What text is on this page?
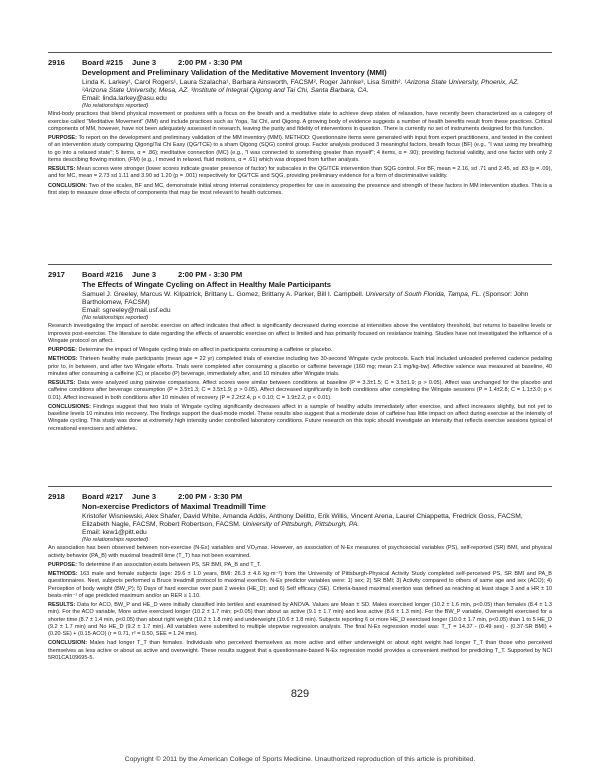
2916	Board #215	June 3	2:00 PM - 3:30 PM
Development and Preliminary Validation of the Meditative Movement Inventory (MMI)
Linda K. Larkey¹, Carol Rogers¹, Laura Szalacha¹, Barbara Ainsworth, FACSM², Roger Jahnke³, Lisa Smith². ¹Arizona State University, Phoenix, AZ. ²Arizona State University, Mesa, AZ. ³Institute of Integral Qigong and Tai Chi, Santa Barbara, CA.
Email: linda.larkey@asu.edu
(No relationships reported)
Mind-body practices that blend physical movement or postures with a focus on the breath and a meditative state to achieve deep states of relaxation, have recently been characterized as a category of exercise called "Meditative Movement" (MM) and include practices such as Yoga, Tai Chi, and Qigong. A growing body of evidence suggests a number of health benefits result from these practices. Critical components of MM, however, have not been adequately assessed in research, leaving the purity and fidelity of interventions in question. There is currently no set of instruments designed for this function.
PURPOSE: To report on the development and preliminary validation of the MM inventory (MMI). METHOD: Questionnaire items were generated with input from expert practitioners, and tested in the context of an intervention study comparing Qigong/Tai Chi Easy (QG/TCE) to a sham Qigong (SQG) control group. Factor analysis produced 3 meaningful factors, breath focus (BF) (e.g., "I was using my breathing to go into a relaxed state"; 5 items, α = .86); meditative connection (MC) (e.g., "I was connected to something greater than myself"; 4 items, α = .90); providing factorial validity, and one factor with only 2 items describing flowing motion, (FM) (e.g., I moved in relaxed, fluid motions, α = .61) which was dropped from further analysis.
RESULTS: Mean scores were stronger (lower scores indicate greater presence of factor) for subscales in the QG/TCE intervention than SQG control. For BF, mean = 2.16, sd .71 and 2.45, sd .83 (p = .09), and for MC, mean = 2.73 sd 1.11 and 3.90 sd 1.20 (p = .001) respectively for QG/TCE and SQG, providing preliminary evidence for a form of discriminative validity.
CONCLUSION: Two of the scales, BF and MC, demonstrate initial strong internal consistency properties for use in assessing the presence and strength of these factors in MM intervention studies. This is a first step to measure dose effects of components that may be most relevant to health outcomes.
2917	Board #216	June 3	2:00 PM - 3:30 PM
The Effects of Wingate Cycling on Affect in Healthy Male Participants
Samuel J. Greeley, Marcus W. Kilpatrick, Brittany L. Gomez, Brittany A. Parker, Bill I. Campbell. University of South Florida, Tampa, FL. (Sponsor: John Bartholomew, FACSM)
Email: sgreeley@mail.usf.edu
(No relationships reported)
Research investigating the impact of aerobic exercise on affect indicates that affect is significantly decreased during exercise at intensities above the ventilatory threshold, but returns to baseline levels or improves post-exercise. The literature to date regarding the effects of anaerobic exercise on affect is limited and has primarily focused on resistance training. Studies have not investigated the influence of a Wingate protocol on affect.
PURPOSE: Determine the impact of Wingate cycling trials on affect in participants consuming a caffeine or placebo.
METHODS: Thirteen healthy male participants (mean age = 22 yr) completed trials of exercise including two 30-second Wingate cycle protocols. Each trial included unloaded preferred cadence pedaling prior to, in between, and after two Wingate efforts. Trials were completed after consuming a placebo or caffeine beverage (160 mg; mean 2.1 mg/kg-bw). Affective valence was measured at baseline, 40 minutes after consuming a caffeine (C) or placebo (P) beverage, immediately after, and 10 minutes after Wingate trials.
RESULTS: Data were analyzed using pairwise comparisons. Affect scores were similar between conditions at baseline (P = 3.3±1.5; C = 3.5±1.9; p > 0.05). Affect was unchanged for the placebo and caffeine conditions after beverage consumption (P = 3.5±1.3; C = 3.5±1.9; p > 0.05). Affect decreased significantly in both conditions after completing the Wingate sessions (P = 1.4±2.8; C = 1.1±3.0; p < 0.01). Affect increased in both conditions after 10 minutes of recovery (P = 2.2±2.4, p < 0.10; C = 1.9±2.2, p < 0.01).
CONCLUSIONS: Findings suggest that two trials of Wingate cycling significantly decreases affect in a sample of healthy adults immediately after exercise, and affect increases slightly, but not yet to baseline levels 10 minutes into recovery. The findings support the dual-mode model. These results also suggest that a moderate dose of caffeine has little impact on affect during exercise at the intensity of Wingate cycling. This study was done at extremely high intensity under controlled laboratory conditions. Future research on this topic should investigate an intensity that reflects exercise sessions typical of recreational exercisers and athletes.
2918	Board #217	June 3	2:00 PM - 3:30 PM
Non-exercise Predictors of Maximal Treadmill Time
Kristofer Wisniewski, Alex Shafer, David White, Amanda Addis, Anthony Delitto, Erik Willis, Vincent Arena, Laurel Chiappetta, Fredrick Goss, FACSM, Elizabeth Nagle, FACSM, Robert Robertson, FACSM. University of Pittsburgh, Pittsburgh, PA.
Email: kew1@pitt.edu
(No relationships reported)
An association has been observed between non-exercise (N-Ex) variables and VO₂max. However, an association of N-Ex measures of psychosocial variables (PS), self-reported (SR) BMI, and physical activity behavior (PA_B) with maximal treadmill time (T_T) has not been examined.
PURPOSE: To determine if an association exists between PS, SR BMI, PA_B and T_T.
METHODS: 163 male and female subjects (age: 29.6 ± 1.0 years, BMI: 26.3 ± 4.6 kg·m⁻²) from the University of Pittsburgh-Physical Activity Study completed self-perceived PS, SR BMI and PA_B questionnaires. Next, subjects performed a Bruce treadmill protocol to maximal exertion. N-Ex predictor variables were: 1) sex; 2) SR BMI; 3) Activity compared to others of same age and sex (ACO); 4) Perception of body weight (BW_P); 5) Days of hard exercise over past 2 weeks (HE_D); and 6) Self efficacy (SE). Criteria-based maximal exertion was defined as reaching at least stage 3 and a HR ± 10 beats·min⁻¹ of age predicted maximum and/or an RER ≥ 1.10.
RESULTS: Data for ACO, BW_P and HE_D were initially classified into tertiles and examined by ANOVA. Values are Mean ± SD. Males exercised longer (10.2 ± 1.6 min, p<0.05) than females (8.4 ± 1.3 min). For the ACO variable, More active exercised longer (10.2 ± 1.7 min; p<0.05) than about as active (9.1 ± 1.7 min) and less active (8.6 ± 1.3 min). For the BW_P variable, Overweight exercised for a shorter time (8.7 ± 1.4 min, p<0.05) than about right weight (10.2 ± 1.8 min) and underweight (10.6 ± 1.8 min). Subjects reporting 6 or more HE_D exercised longer (10.0 ± 1.7 min, p<0.05) than 1 to 5 HE_D (9.2 ± 1.7 min) and No HE_D (9.2 ± 1.7 min). All variables were submitted to multiple stepwise regression analysis. The final N-Ex regression model was: T_T = 14.37 - (0.49 sex) - (0.37·SR BMI) + (0.20·SE) + (0.15·ACO) (r = 0.71, r² = 0.50, SEE = 1.24 min).
CONCLUSION: Males had longer T_T than females. Individuals who perceived themselves as more active and either underweight or about right weight had longer T_T than those who perceived themselves as less active or about as active and overweight. These results suggest that a questionnaire-based N-Ex regression model provides a convenient method for predicting T_T. Supported by NCI 5R01CA109695-5.
829
Copyright © 2011 by the American College of Sports Medicine. Unauthorized reproduction of this article is prohibited.
